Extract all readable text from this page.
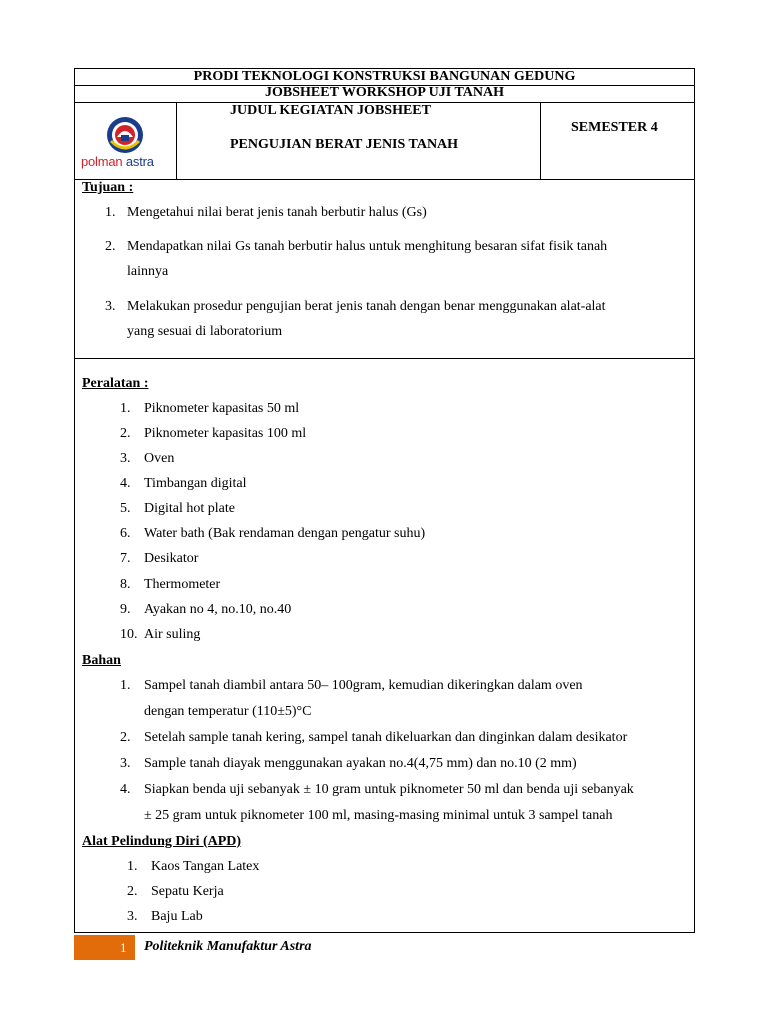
PRODI TEKNOLOGI KONSTRUKSI BANGUNAN GEDUNG
JOBSHEET WORKSHOP UJI TANAH
polman astra
JUDUL KEGIATAN JOBSHEET
PENGUJIAN BERAT JENIS TANAH
SEMESTER 4
Tujuan :
1. Mengetahui nilai berat jenis tanah berbutir halus (Gs)
2. Mendapatkan nilai Gs tanah berbutir halus untuk menghitung besaran sifat fisik tanah
lainnya
3. Melakukan prosedur pengujian berat jenis tanah dengan benar menggunakan alat-alat
yang sesuai di laboratorium
Peralatan :
1. Piknometer kapasitas 50 ml
2. Piknometer kapasitas 100 ml
3. Oven
4. Timbangan digital
5. Digital hot plate
6. Water bath (Bak rendaman dengan pengatur suhu)
7. Desikator
8. Thermometer
9. Ayakan no 4, no.10, no.40
10. Air suling
Bahan
1. Sampel tanah diambil antara 50– 100gram, kemudian dikeringkan dalam oven
dengan temperatur (110±5)°C
2. Setelah sample tanah kering, sampel tanah dikeluarkan dan dinginkan dalam desikator
3. Sample tanah diayak menggunakan ayakan no.4(4,75 mm) dan no.10 (2 mm)
4. Siapkan benda uji sebanyak ± 10 gram untuk piknometer 50 ml dan benda uji sebanyak
± 25 gram untuk piknometer 100 ml, masing-masing minimal untuk 3 sampel tanah
Alat Pelindung Diri (APD)
1. Kaos Tangan Latex
2. Sepatu Kerja
3. Baju Lab
1 Politeknik Manufaktur Astra
